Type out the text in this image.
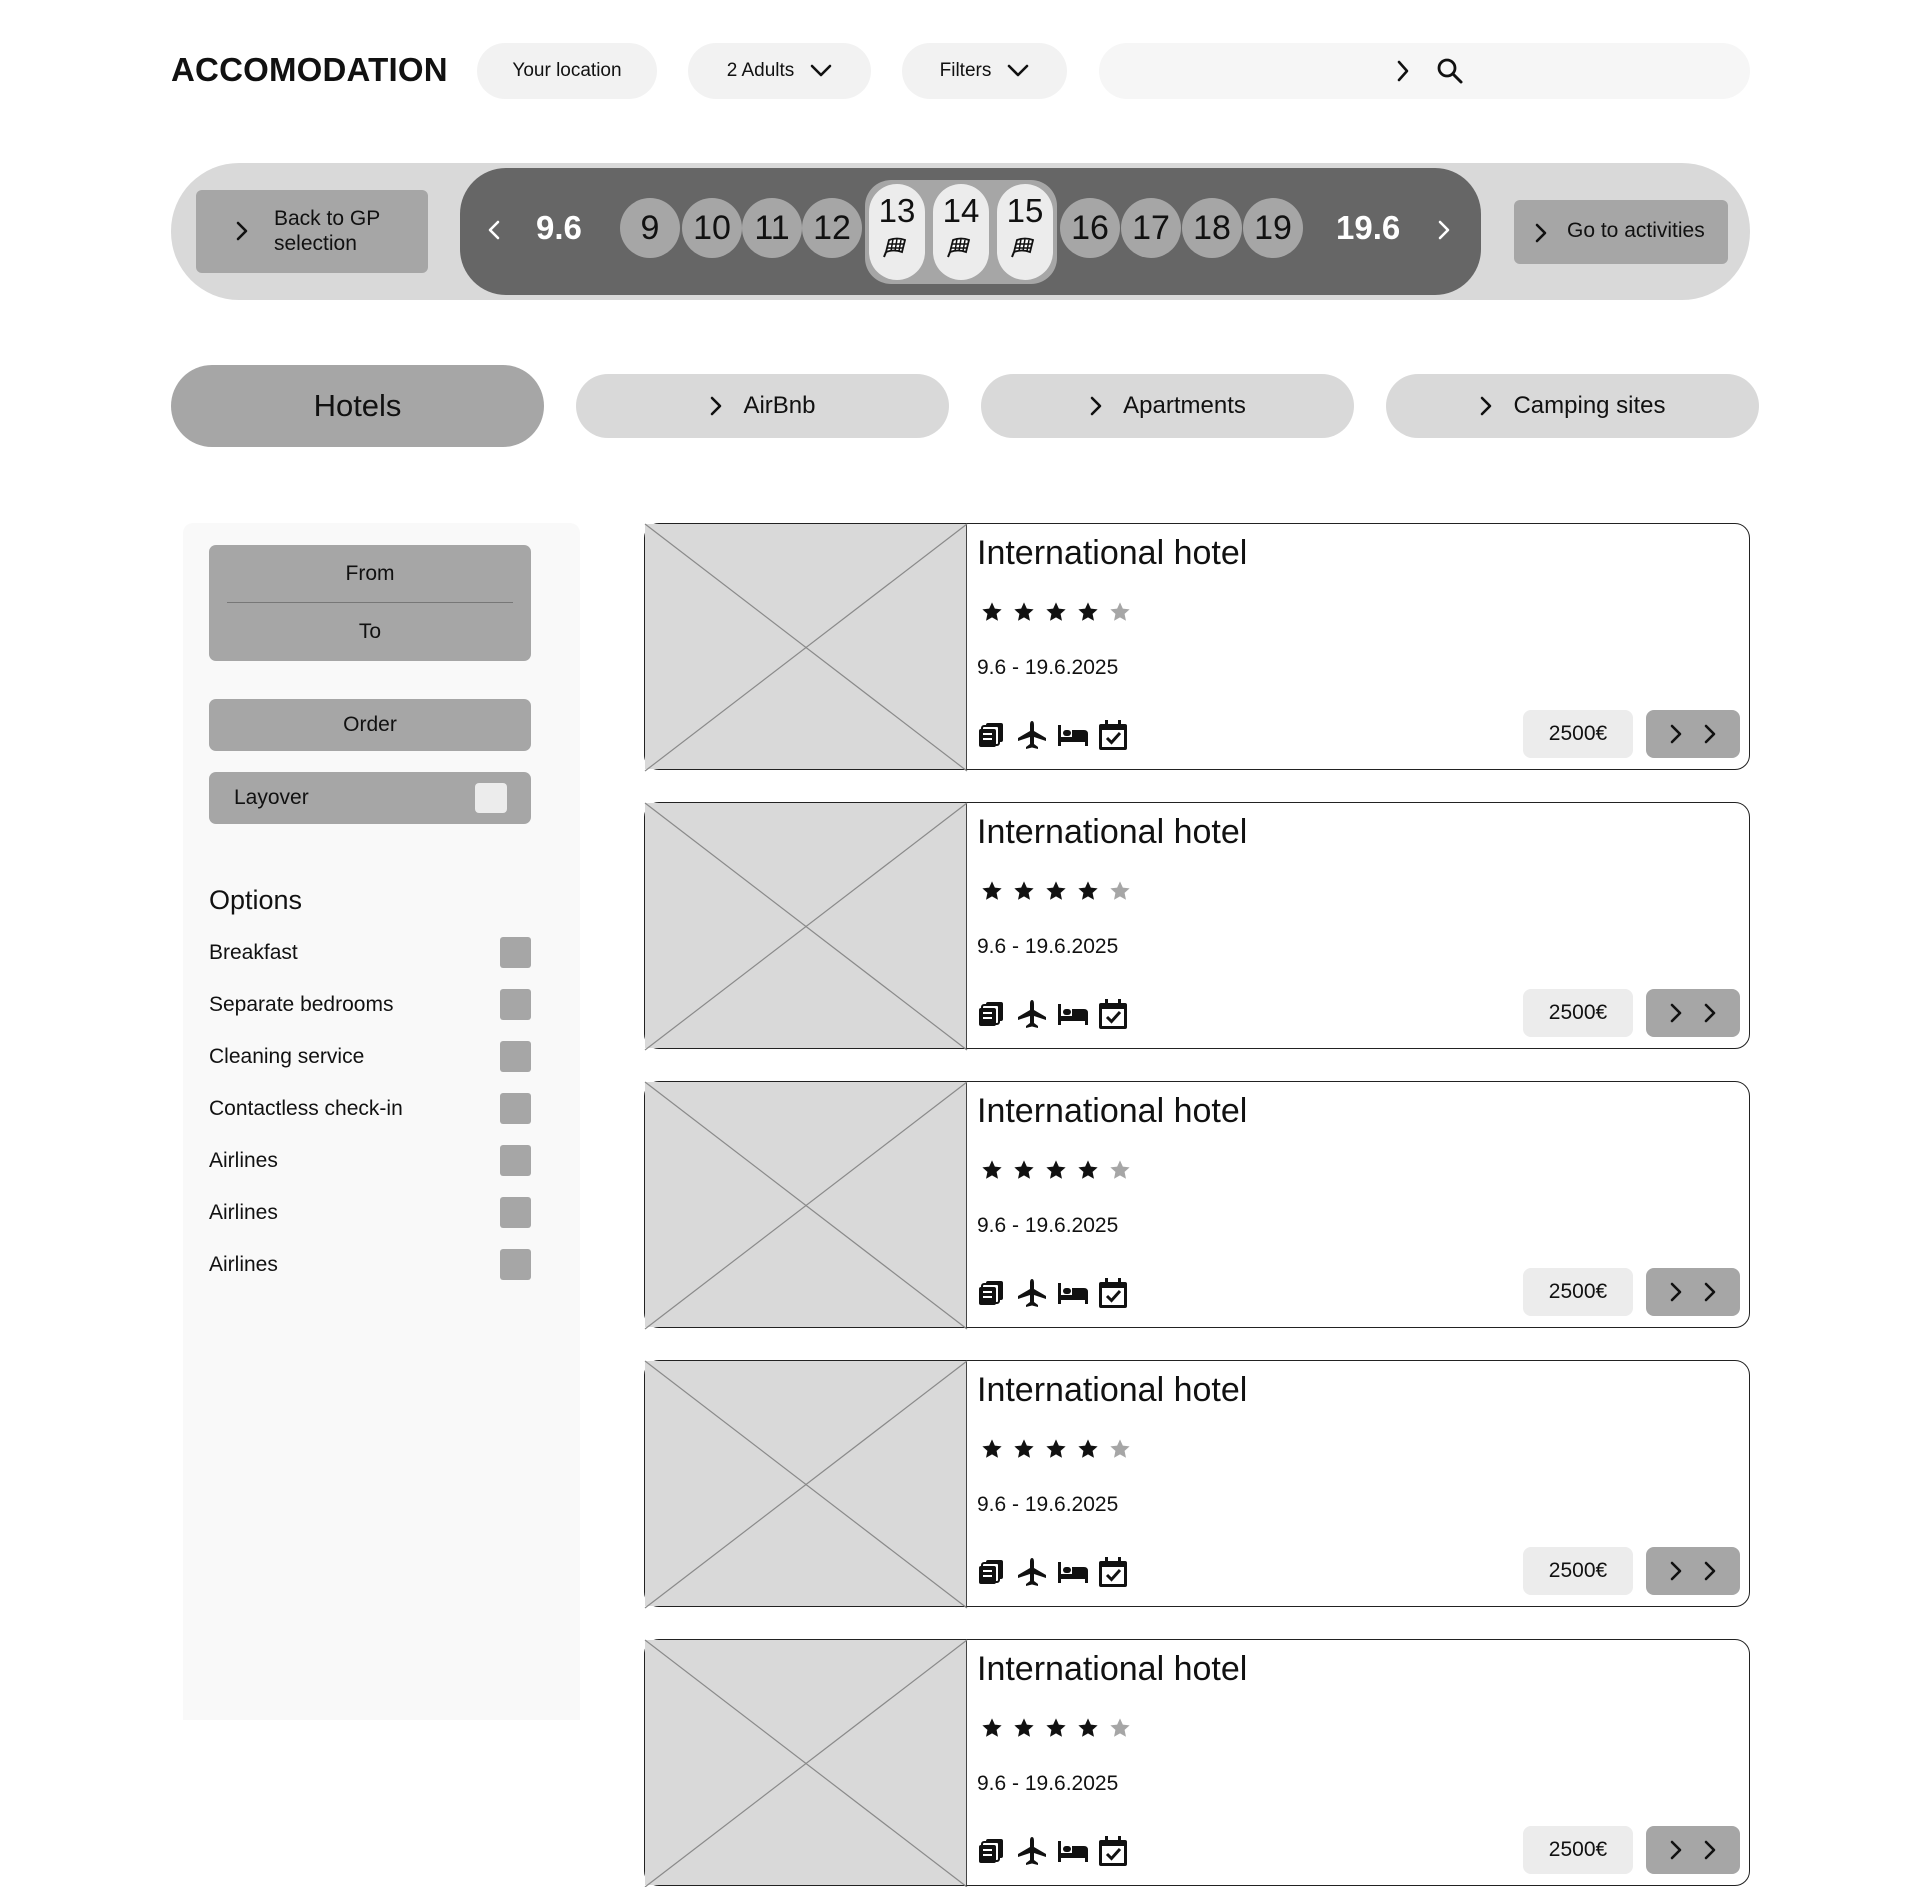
ACCOMODATION	Your location	2 Adults	Filters
Back to GP selection	9.6	9 10 11 12 13 14 15 16 17 18 19	19.6	Go to activities
Hotels	AirBnb	Apartments	Camping sites
From
To
Order
Layover
Options
Breakfast
Separate bedrooms
Cleaning service
Contactless check-in
Airlines
Airlines
Airlines
International hotel
9.6 - 19.6.2025
2500€
International hotel
9.6 - 19.6.2025
2500€
International hotel
9.6 - 19.6.2025
2500€
International hotel
9.6 - 19.6.2025
2500€
International hotel
9.6 - 19.6.2025
2500€
